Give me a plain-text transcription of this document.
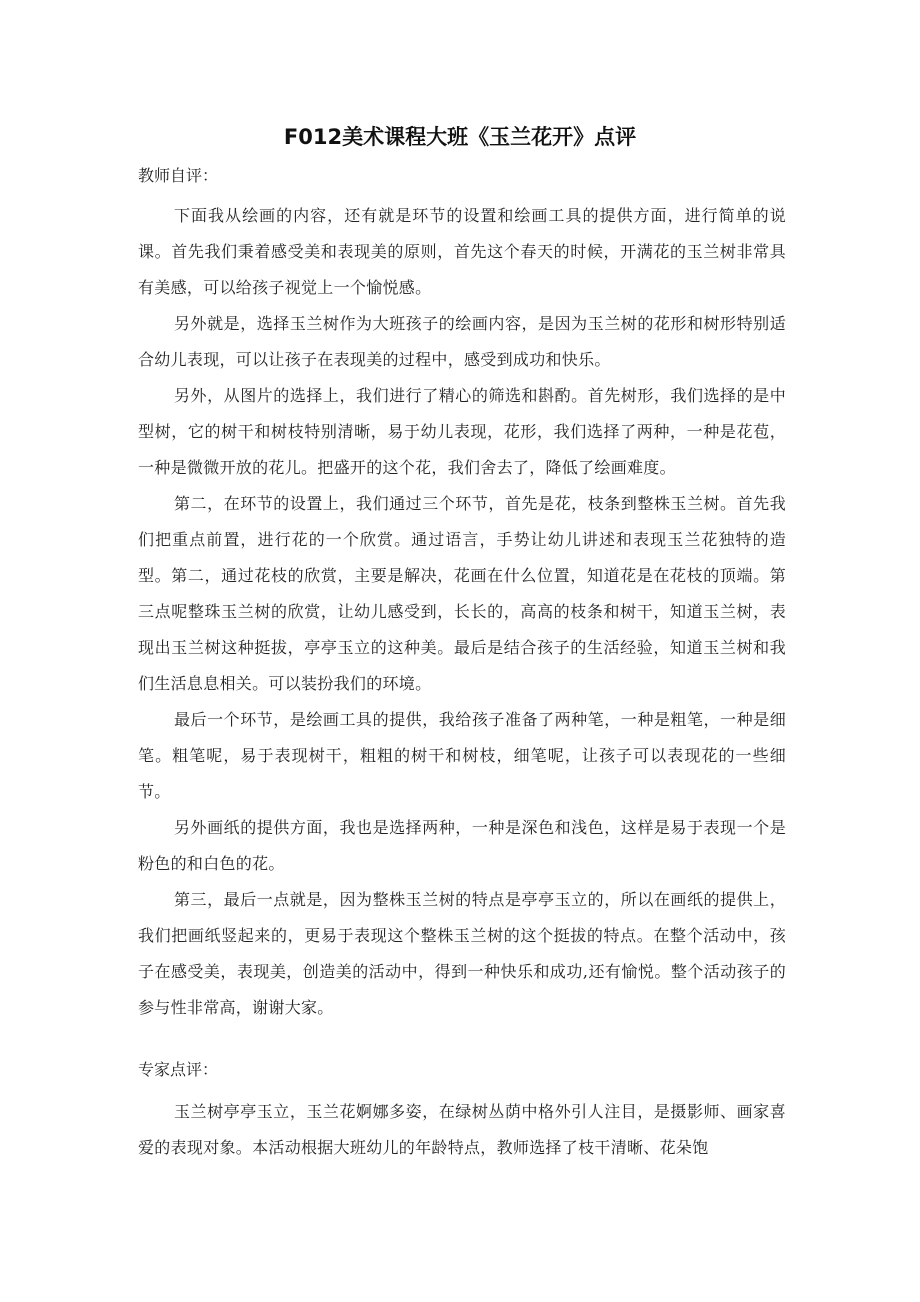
F012美术课程大班《玉兰花开》点评

教师自评：

下面我从绘画的内容，还有就是环节的设置和绘画工具的提供方面，进行简单的说课。首先我们秉着感受美和表现美的原则，首先这个春天的时候，开满花的玉兰树非常具有美感，可以给孩子视觉上一个愉悦感。
另外就是，选择玉兰树作为大班孩子的绘画内容，是因为玉兰树的花形和树形特别适合幼儿表现，可以让孩子在表现美的过程中，感受到成功和快乐。
另外，从图片的选择上，我们进行了精心的筛选和斟酌。首先树形，我们选择的是中型树，它的树干和树枝特别清晰，易于幼儿表现，花形，我们选择了两种，一种是花苞，一种是微微开放的花儿。把盛开的这个花，我们舍去了，降低了绘画难度。
第二，在环节的设置上，我们通过三个环节，首先是花，枝条到整株玉兰树。首先我们把重点前置，进行花的一个欣赏。通过语言，手势让幼儿讲述和表现玉兰花独特的造型。第二，通过花枝的欣赏，主要是解决，花画在什么位置，知道花是在花枝的顶端。第三点呢整珠玉兰树的欣赏，让幼儿感受到，长长的，高高的枝条和树干，知道玉兰树，表现出玉兰树这种挺拔，亭亭玉立的这种美。最后是结合孩子的生活经验，知道玉兰树和我们生活息息相关。可以装扮我们的环境。
最后一个环节，是绘画工具的提供，我给孩子准备了两种笔，一种是粗笔，一种是细笔。粗笔呢，易于表现树干，粗粗的树干和树枝，细笔呢，让孩子可以表现花的一些细节。
另外画纸的提供方面，我也是选择两种，一种是深色和浅色，这样是易于表现一个是粉色的和白色的花。
第三，最后一点就是，因为整株玉兰树的特点是亭亭玉立的，所以在画纸的提供上，我们把画纸竖起来的，更易于表现这个整株玉兰树的这个挺拔的特点。在整个活动中，孩子在感受美，表现美，创造美的活动中，得到一种快乐和成功,还有愉悦。整个活动孩子的参与性非常高，谢谢大家。

专家点评：

玉兰树亭亭玉立，玉兰花婀娜多姿，在绿树丛荫中格外引人注目，是摄影师、画家喜爱的表现对象。本活动根据大班幼儿的年龄特点，教师选择了枝干清晰、花朵饱
